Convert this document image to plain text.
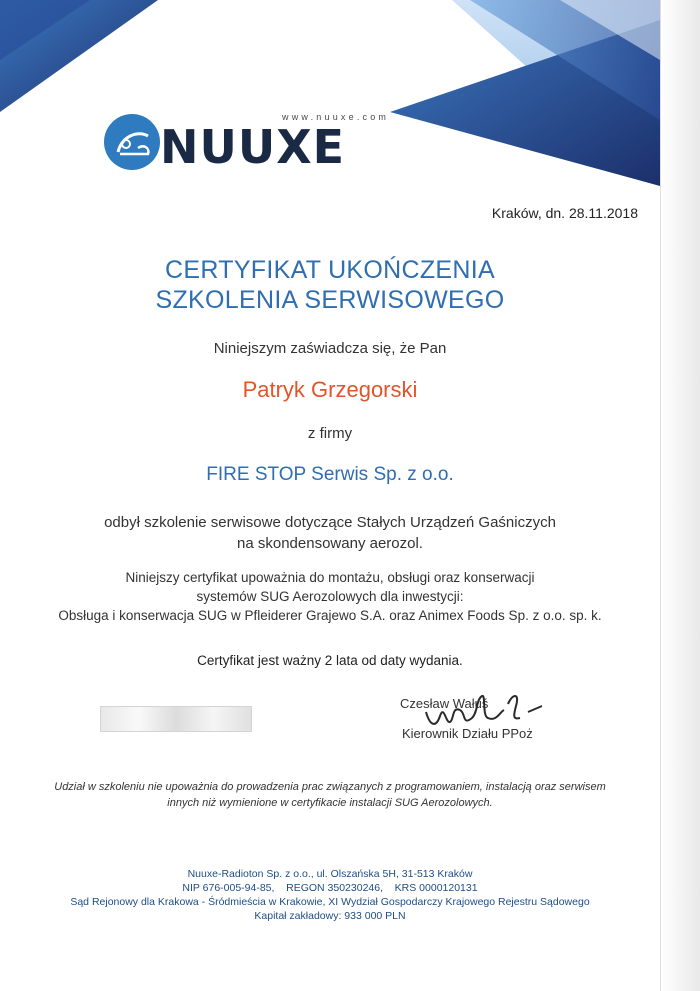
www.nuuxe.com
NUUXE
Kraków, dn. 28.11.2018
CERTYFIKAT UKOŃCZENIA
SZKOLENIA SERWISOWEGO
Niniejszym zaświadcza się, że Pan
Patryk Grzegorski
z firmy
FIRE STOP Serwis Sp. z o.o.
odbył szkolenie serwisowe dotyczące Stałych Urządzeń Gaśniczych
na skondensowany aerozol.
Niniejszy certyfikat upoważnia do montażu, obsługi oraz konserwacji
systemów SUG Aerozolowych dla inwestycji:
Obsługa i konserwacja SUG w Pfleiderer Grajewo S.A. oraz Animex Foods Sp. z o.o. sp. k.
Certyfikat jest ważny 2 lata od daty wydania.
Czesław Wałuś
Kierownik Działu PPoż
Udział w szkoleniu nie upoważnia do prowadzenia prac związanych z programowaniem, instalacją oraz serwisem
innych niż wymienione w certyfikacie instalacji SUG Aerozolowych.
Nuuxe-Radioton Sp. z o.o., ul. Olszańska 5H, 31-513 Kraków
NIP 676-005-94-85,    REGON 350230246,    KRS 0000120131
Sąd Rejonowy dla Krakowa - Śródmieścia w Krakowie, XI Wydział Gospodarczy Krajowego Rejestru Sądowego
Kapitał zakładowy: 933 000 PLN
